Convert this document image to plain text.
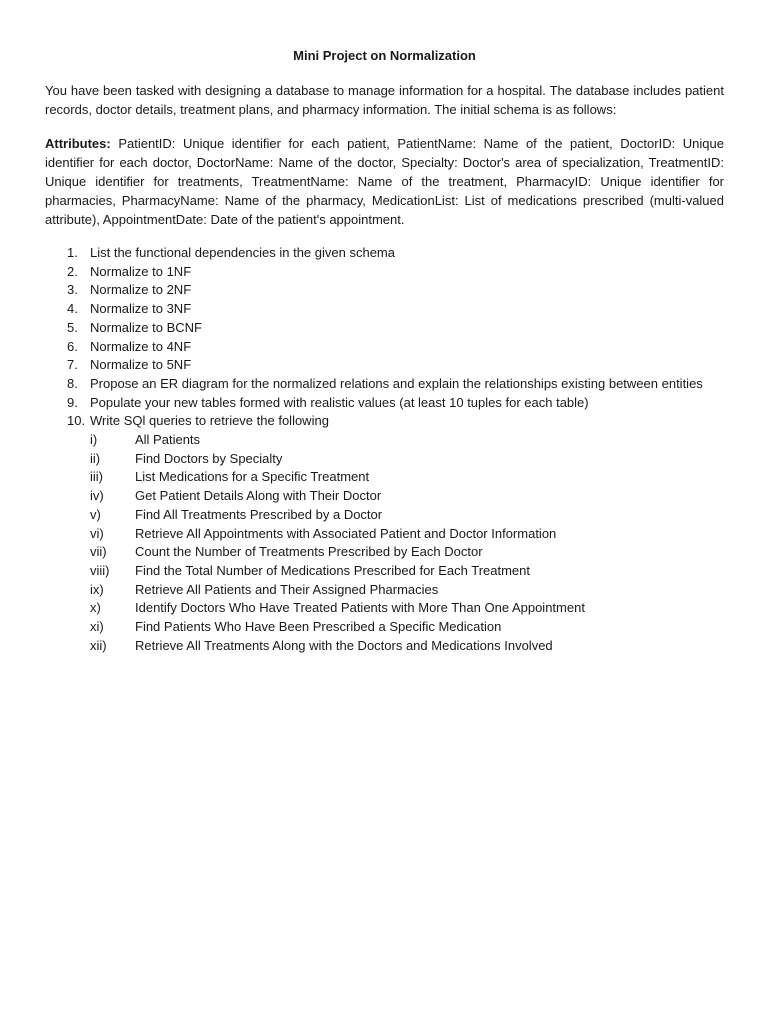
Mini Project on Normalization

You have been tasked with designing a database to manage information for a hospital. The database includes patient records, doctor details, treatment plans, and pharmacy information. The initial schema is as follows:

Attributes: PatientID: Unique identifier for each patient, PatientName: Name of the patient, DoctorID: Unique identifier for each doctor, DoctorName: Name of the doctor, Specialty: Doctor's area of specialization, TreatmentID: Unique identifier for treatments, TreatmentName: Name of the treatment, PharmacyID: Unique identifier for pharmacies, PharmacyName: Name of the pharmacy, MedicationList: List of medications prescribed (multi-valued attribute), AppointmentDate: Date of the patient's appointment.

1. List the functional dependencies in the given schema
2. Normalize to 1NF
3. Normalize to 2NF
4. Normalize to 3NF
5. Normalize to BCNF
6. Normalize to 4NF
7. Normalize to 5NF
8. Propose an ER diagram for the normalized relations and explain the relationships existing between entities
9. Populate your new tables formed with realistic values (at least 10 tuples for each table)
10. Write SQl queries to retrieve the following
i)	All Patients
ii)	Find Doctors by Specialty
iii)	List Medications for a Specific Treatment
iv)	Get Patient Details Along with Their Doctor
v)	Find All Treatments Prescribed by a Doctor
vi)	Retrieve All Appointments with Associated Patient and Doctor Information
vii)	Count the Number of Treatments Prescribed by Each Doctor
viii)	Find the Total Number of Medications Prescribed for Each Treatment
ix)	Retrieve All Patients and Their Assigned Pharmacies
x)	Identify Doctors Who Have Treated Patients with More Than One Appointment
xi)	Find Patients Who Have Been Prescribed a Specific Medication
xii)	Retrieve All Treatments Along with the Doctors and Medications Involved
